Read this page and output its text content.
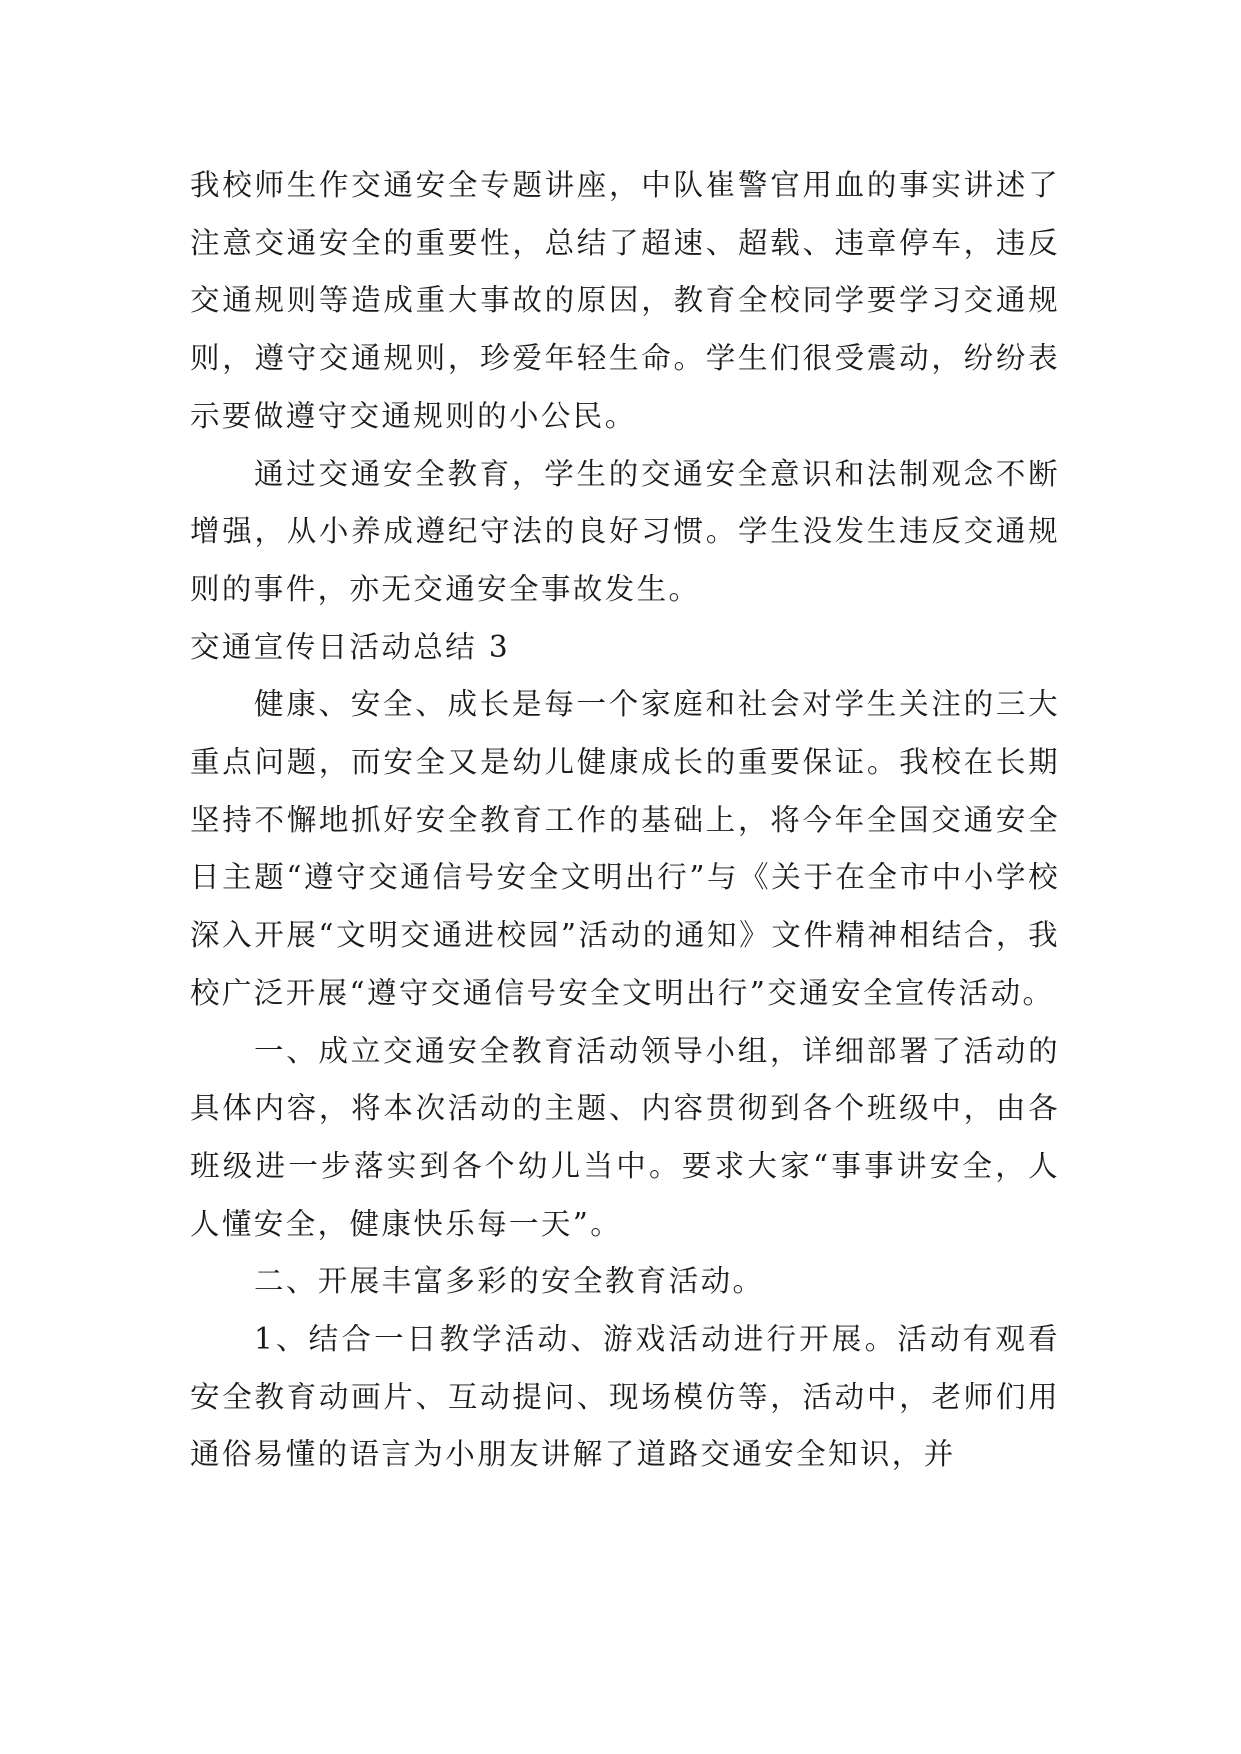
我校师生作交通安全专题讲座，中队崔警官用血的事实讲述了注意交通安全的重要性，总结了超速、超载、违章停车，违反交通规则等造成重大事故的原因，教育全校同学要学习交通规则，遵守交通规则，珍爱年轻生命。学生们很受震动，纷纷表示要做遵守交通规则的小公民。

通过交通安全教育，学生的交通安全意识和法制观念不断增强，从小养成遵纪守法的良好习惯。学生没发生违反交通规则的事件，亦无交通安全事故发生。

交通宣传日活动总结 3

健康、安全、成长是每一个家庭和社会对学生关注的三大重点问题，而安全又是幼儿健康成长的重要保证。我校在长期坚持不懈地抓好安全教育工作的基础上，将今年全国交通安全日主题“遵守交通信号安全文明出行”与《关于在全市中小学校深入开展“文明交通进校园”活动的通知》文件精神相结合，我校广泛开展“遵守交通信号安全文明出行”交通安全宣传活动。

一、成立交通安全教育活动领导小组，详细部署了活动的具体内容，将本次活动的主题、内容贯彻到各个班级中，由各班级进一步落实到各个幼儿当中。要求大家“事事讲安全，人人懂安全，健康快乐每一天”。

二、开展丰富多彩的安全教育活动。

1、结合一日教学活动、游戏活动进行开展。活动有观看安全教育动画片、互动提问、现场模仿等，活动中，老师们用通俗易懂的语言为小朋友讲解了道路交通安全知识，并
